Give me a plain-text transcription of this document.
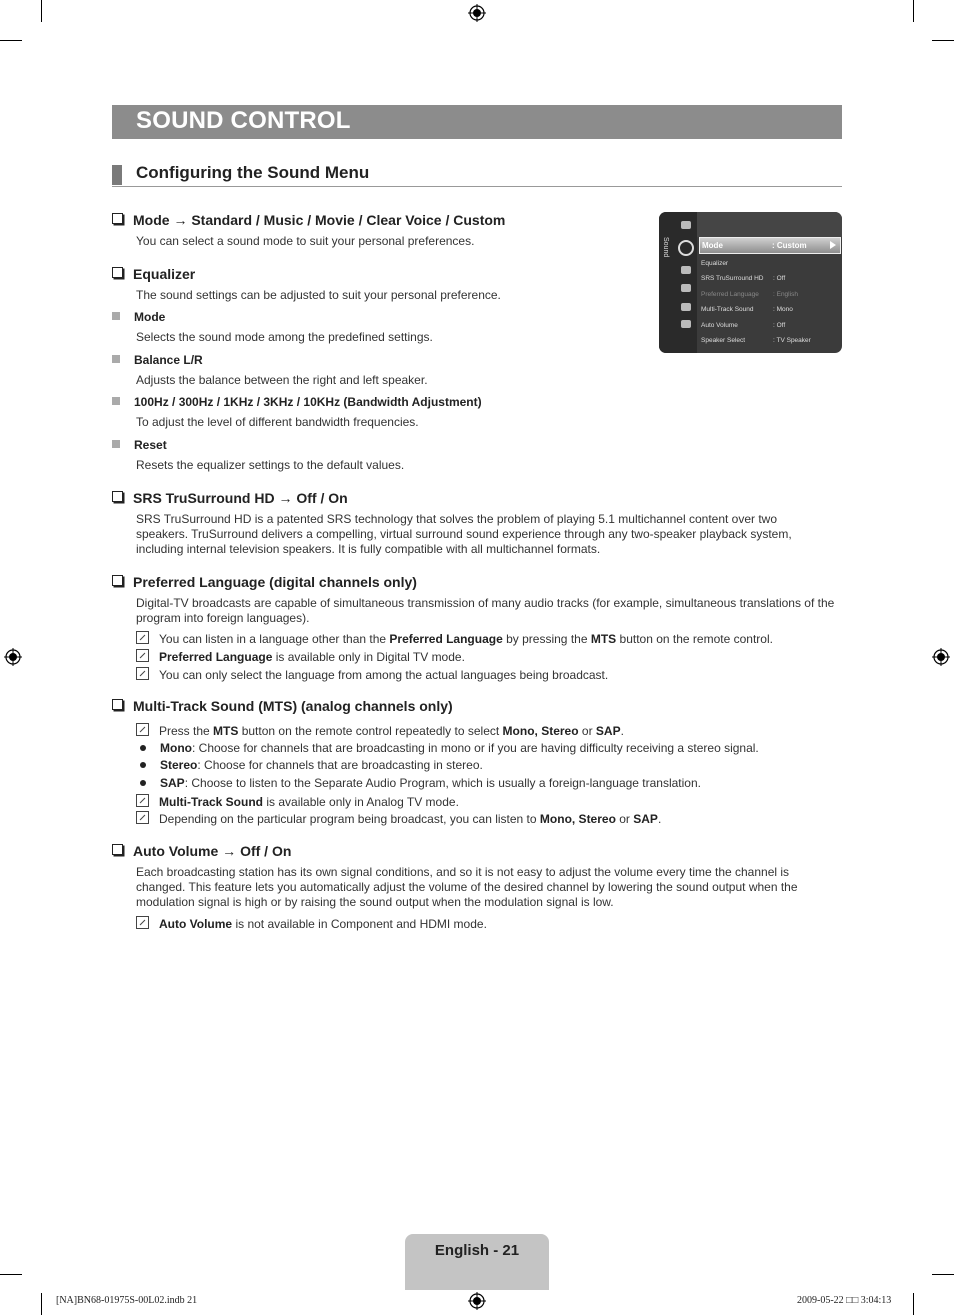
SOUND CONTROL
Configuring the Sound Menu
Sound	Mode	: Custom
Equalizer
SRS TruSurround HD : Off
Preferred Language : English
Multi-Track Sound	: Mono
Auto Volume	: Off
Speaker Select	: TV Speaker
Mode → Standard / Music / Movie / Clear Voice / Custom
You can select a sound mode to suit your personal preferences.
Equalizer
The sound settings can be adjusted to suit your personal preference.
Mode
Selects the sound mode among the predefined settings.
Balance L/R
Adjusts the balance between the right and left speaker.
100Hz / 300Hz / 1KHz / 3KHz / 10KHz (Bandwidth Adjustment)
To adjust the level of different bandwidth frequencies.
Reset
Resets the equalizer settings to the default values.
SRS TruSurround HD → Off / On
SRS TruSurround HD is a patented SRS technology that solves the problem of playing 5.1 multichannel content over two speakers. TruSurround delivers a compelling, virtual surround sound experience through any two-speaker playback system, including internal television speakers. It is fully compatible with all multichannel formats.
Preferred Language (digital channels only)
Digital-TV broadcasts are capable of simultaneous transmission of many audio tracks (for example, simultaneous translations of the program into foreign languages).
You can listen in a language other than the Preferred Language by pressing the MTS button on the remote control.
Preferred Language is available only in Digital TV mode.
You can only select the language from among the actual languages being broadcast.
Multi-Track Sound (MTS) (analog channels only)
Press the MTS button on the remote control repeatedly to select Mono, Stereo or SAP.
Mono: Choose for channels that are broadcasting in mono or if you are having difficulty receiving a stereo signal.
Stereo: Choose for channels that are broadcasting in stereo.
SAP: Choose to listen to the Separate Audio Program, which is usually a foreign-language translation.
Multi-Track Sound is available only in Analog TV mode.
Depending on the particular program being broadcast, you can listen to Mono, Stereo or SAP.
Auto Volume → Off / On
Each broadcasting station has its own signal conditions, and so it is not easy to adjust the volume every time the channel is changed. This feature lets you automatically adjust the volume of the desired channel by lowering the sound output when the modulation signal is high or by raising the sound output when the modulation signal is low.
Auto Volume is not available in Component and HDMI mode.
English - 21
[NA]BN68-01975S-00L02.indb 21	2009-05-22 □□ 3:04:13
